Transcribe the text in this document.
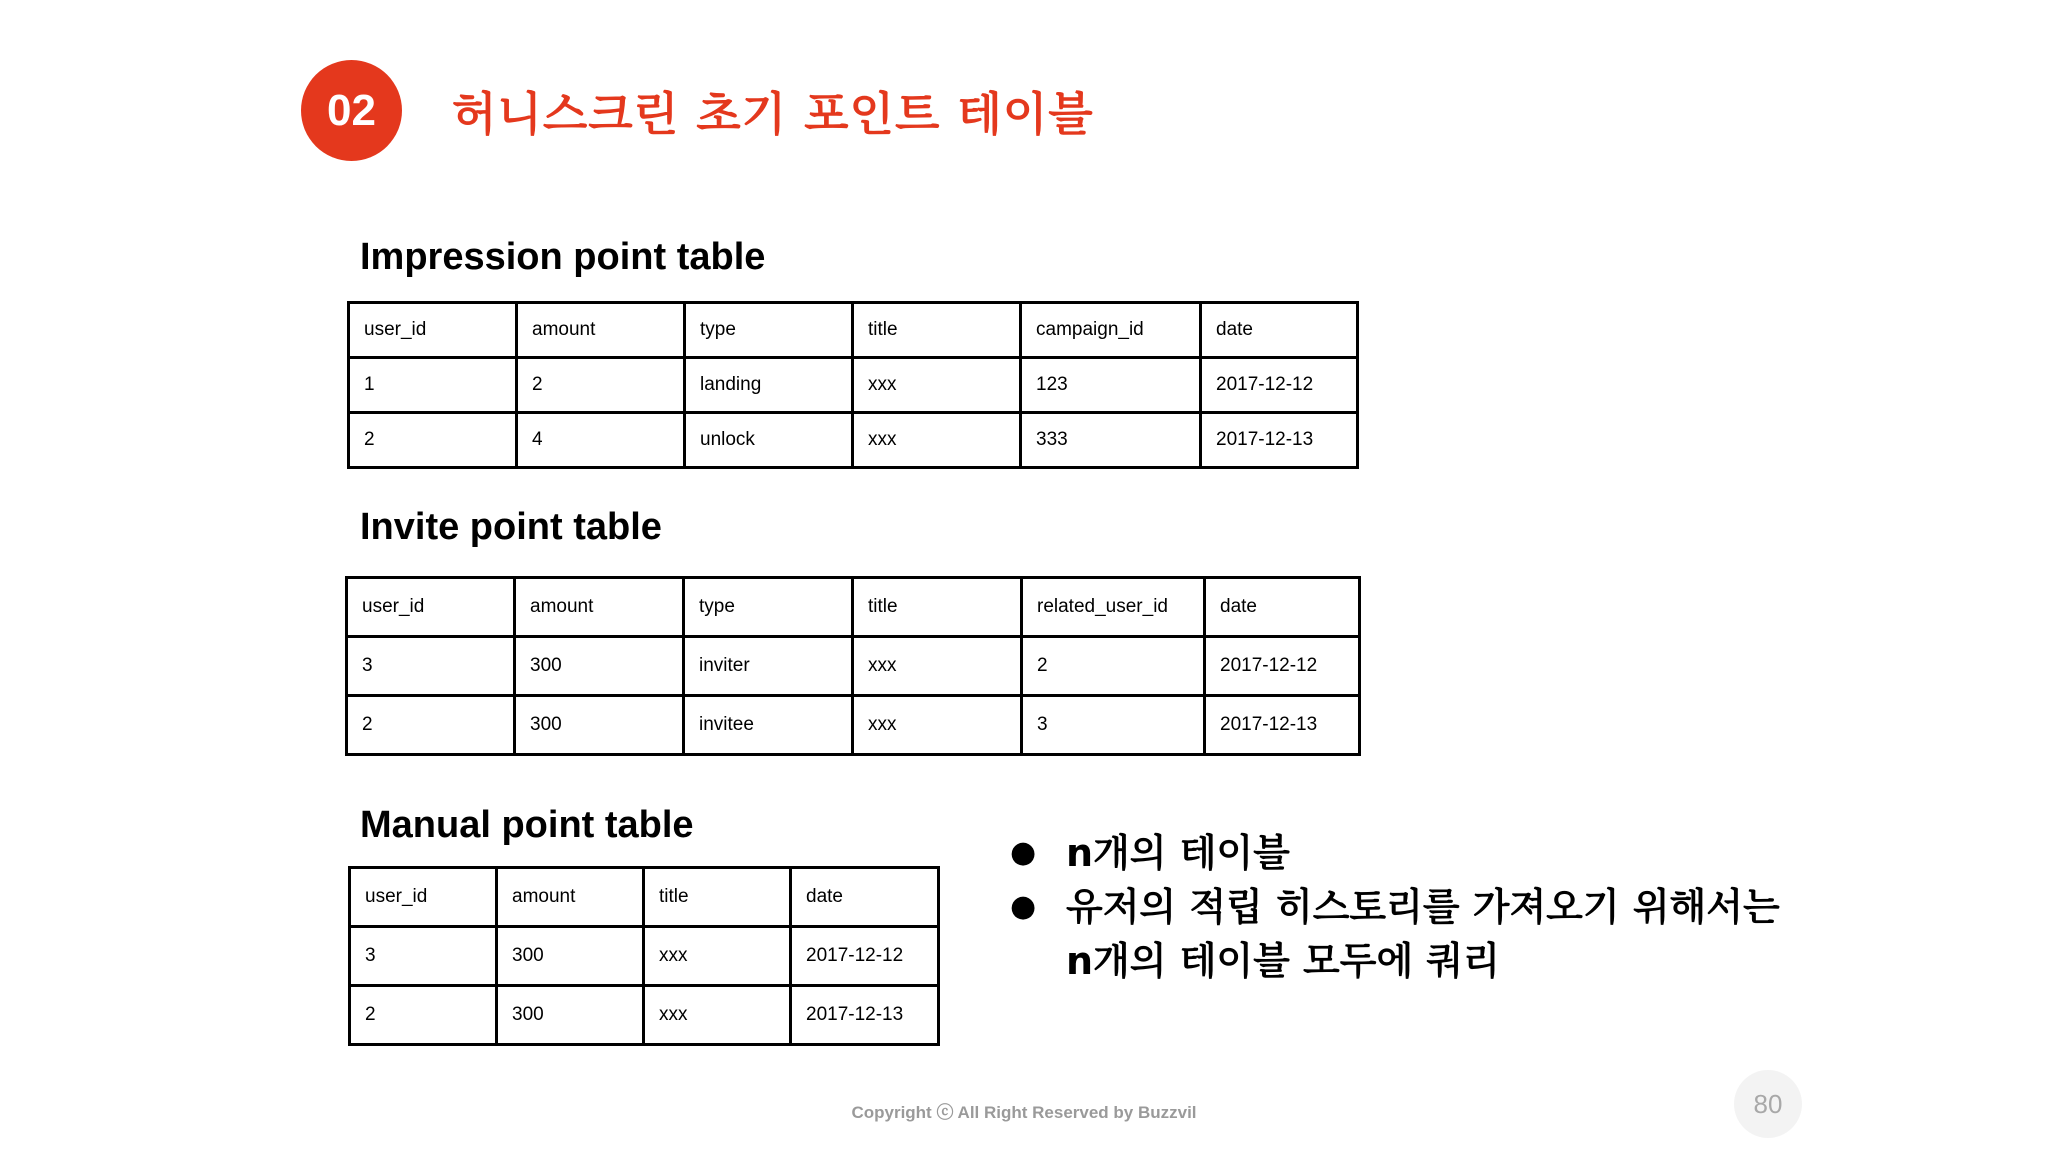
02	허니스크린 초기 포인트 테이블
Impression point table
user_id	amount	type	title	campaign_id	date
1	2	landing	xxx	123	2017-12-12
2	4	unlock	xxx	333	2017-12-13
Invite point table
user_id	amount	type	title	related_user_id	date
3	300	inviter	xxx	2	2017-12-12
2	300	invitee	xxx	3	2017-12-13
Manual point table
user_id	amount	title	date
3	300	xxx	2017-12-12
2	300	xxx	2017-12-13
● n개의 테이블
● 유저의 적립 히스토리를 가져오기 위해서는 n개의 테이블 모두에 쿼리
Copyright ⓒ All Right Reserved by Buzzvil	80
